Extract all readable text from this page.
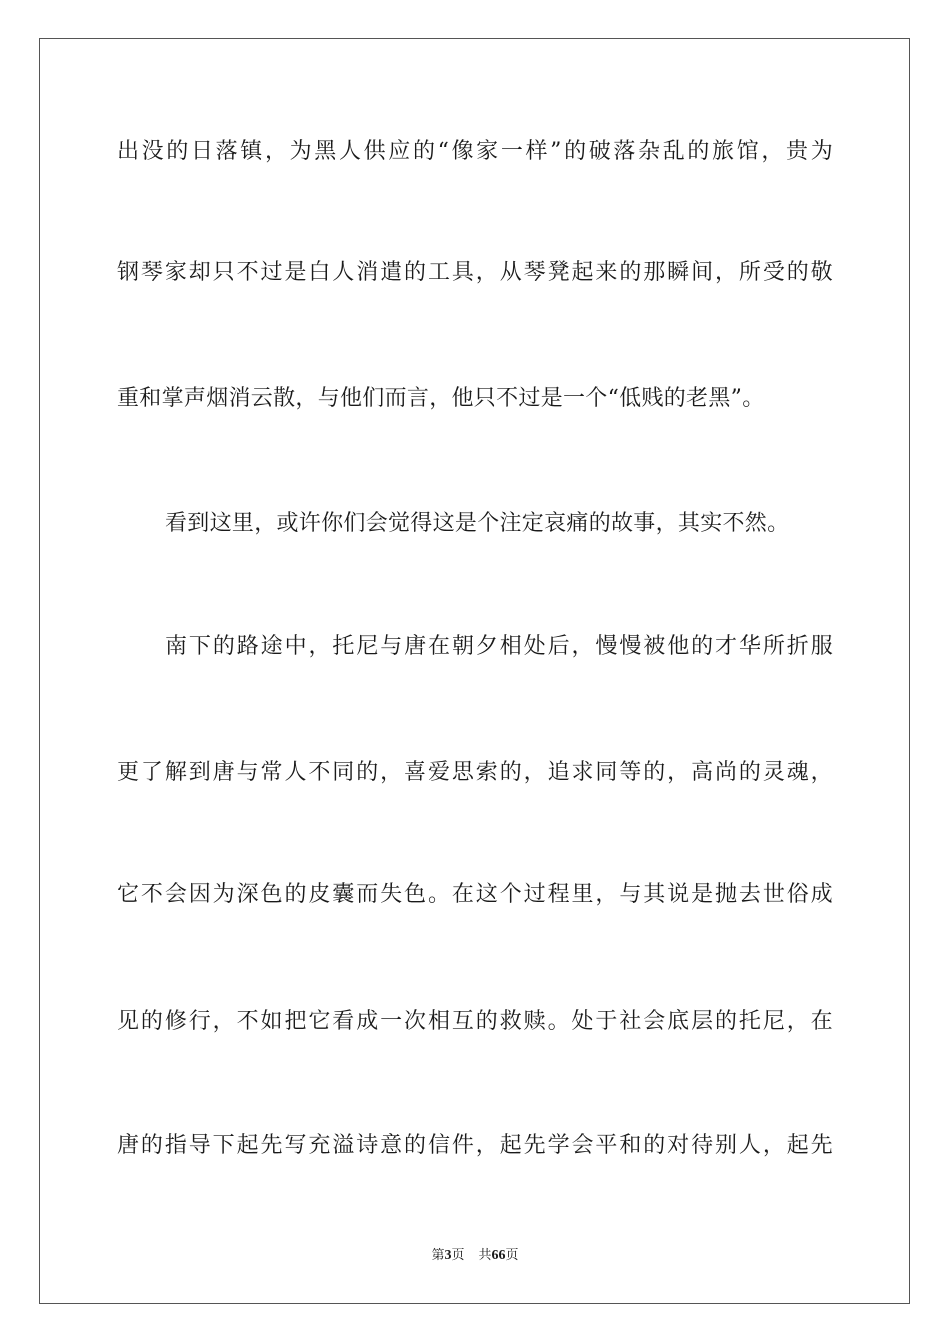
出没的日落镇，为黑人供应的“像家一样”的破落杂乱的旅馆，贵为
钢琴家却只不过是白人消遣的工具，从琴凳起来的那瞬间，所受的敬
重和掌声烟消云散，与他们而言，他只不过是一个“低贱的老黑”。
看到这里，或许你们会觉得这是个注定哀痛的故事，其实不然。
南下的路途中，托尼与唐在朝夕相处后，慢慢被他的才华所折服
更了解到唐与常人不同的，喜爱思索的，追求同等的，高尚的灵魂，
它不会因为深色的皮囊而失色。在这个过程里，与其说是抛去世俗成
见的修行，不如把它看成一次相互的救赎。处于社会底层的托尼，在
唐的指导下起先写充溢诗意的信件，起先学会平和的对待别人，起先
第3页 共66页
